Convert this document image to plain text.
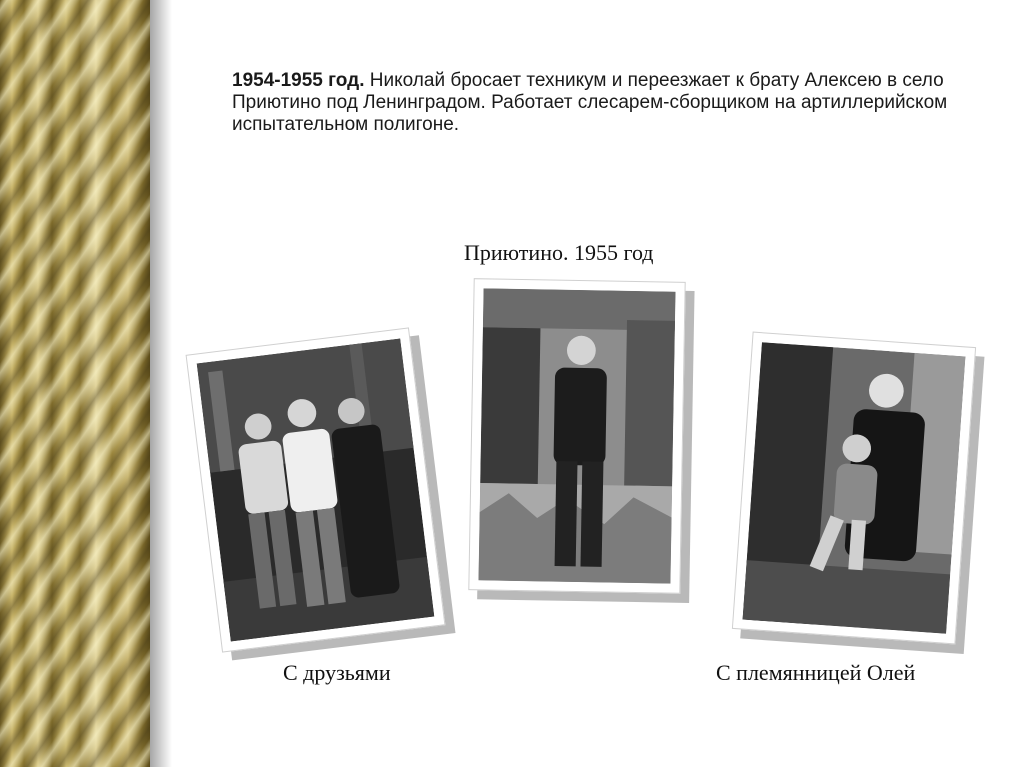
1954-1955 год. Николай бросает техникум и переезжает к брату Алексею в село Приютино под Ленинградом. Работает слесарем-сборщиком на артиллерийском испытательном полигоне.

Приютино. 1955 год
С друзьями	С племянницей Олей
